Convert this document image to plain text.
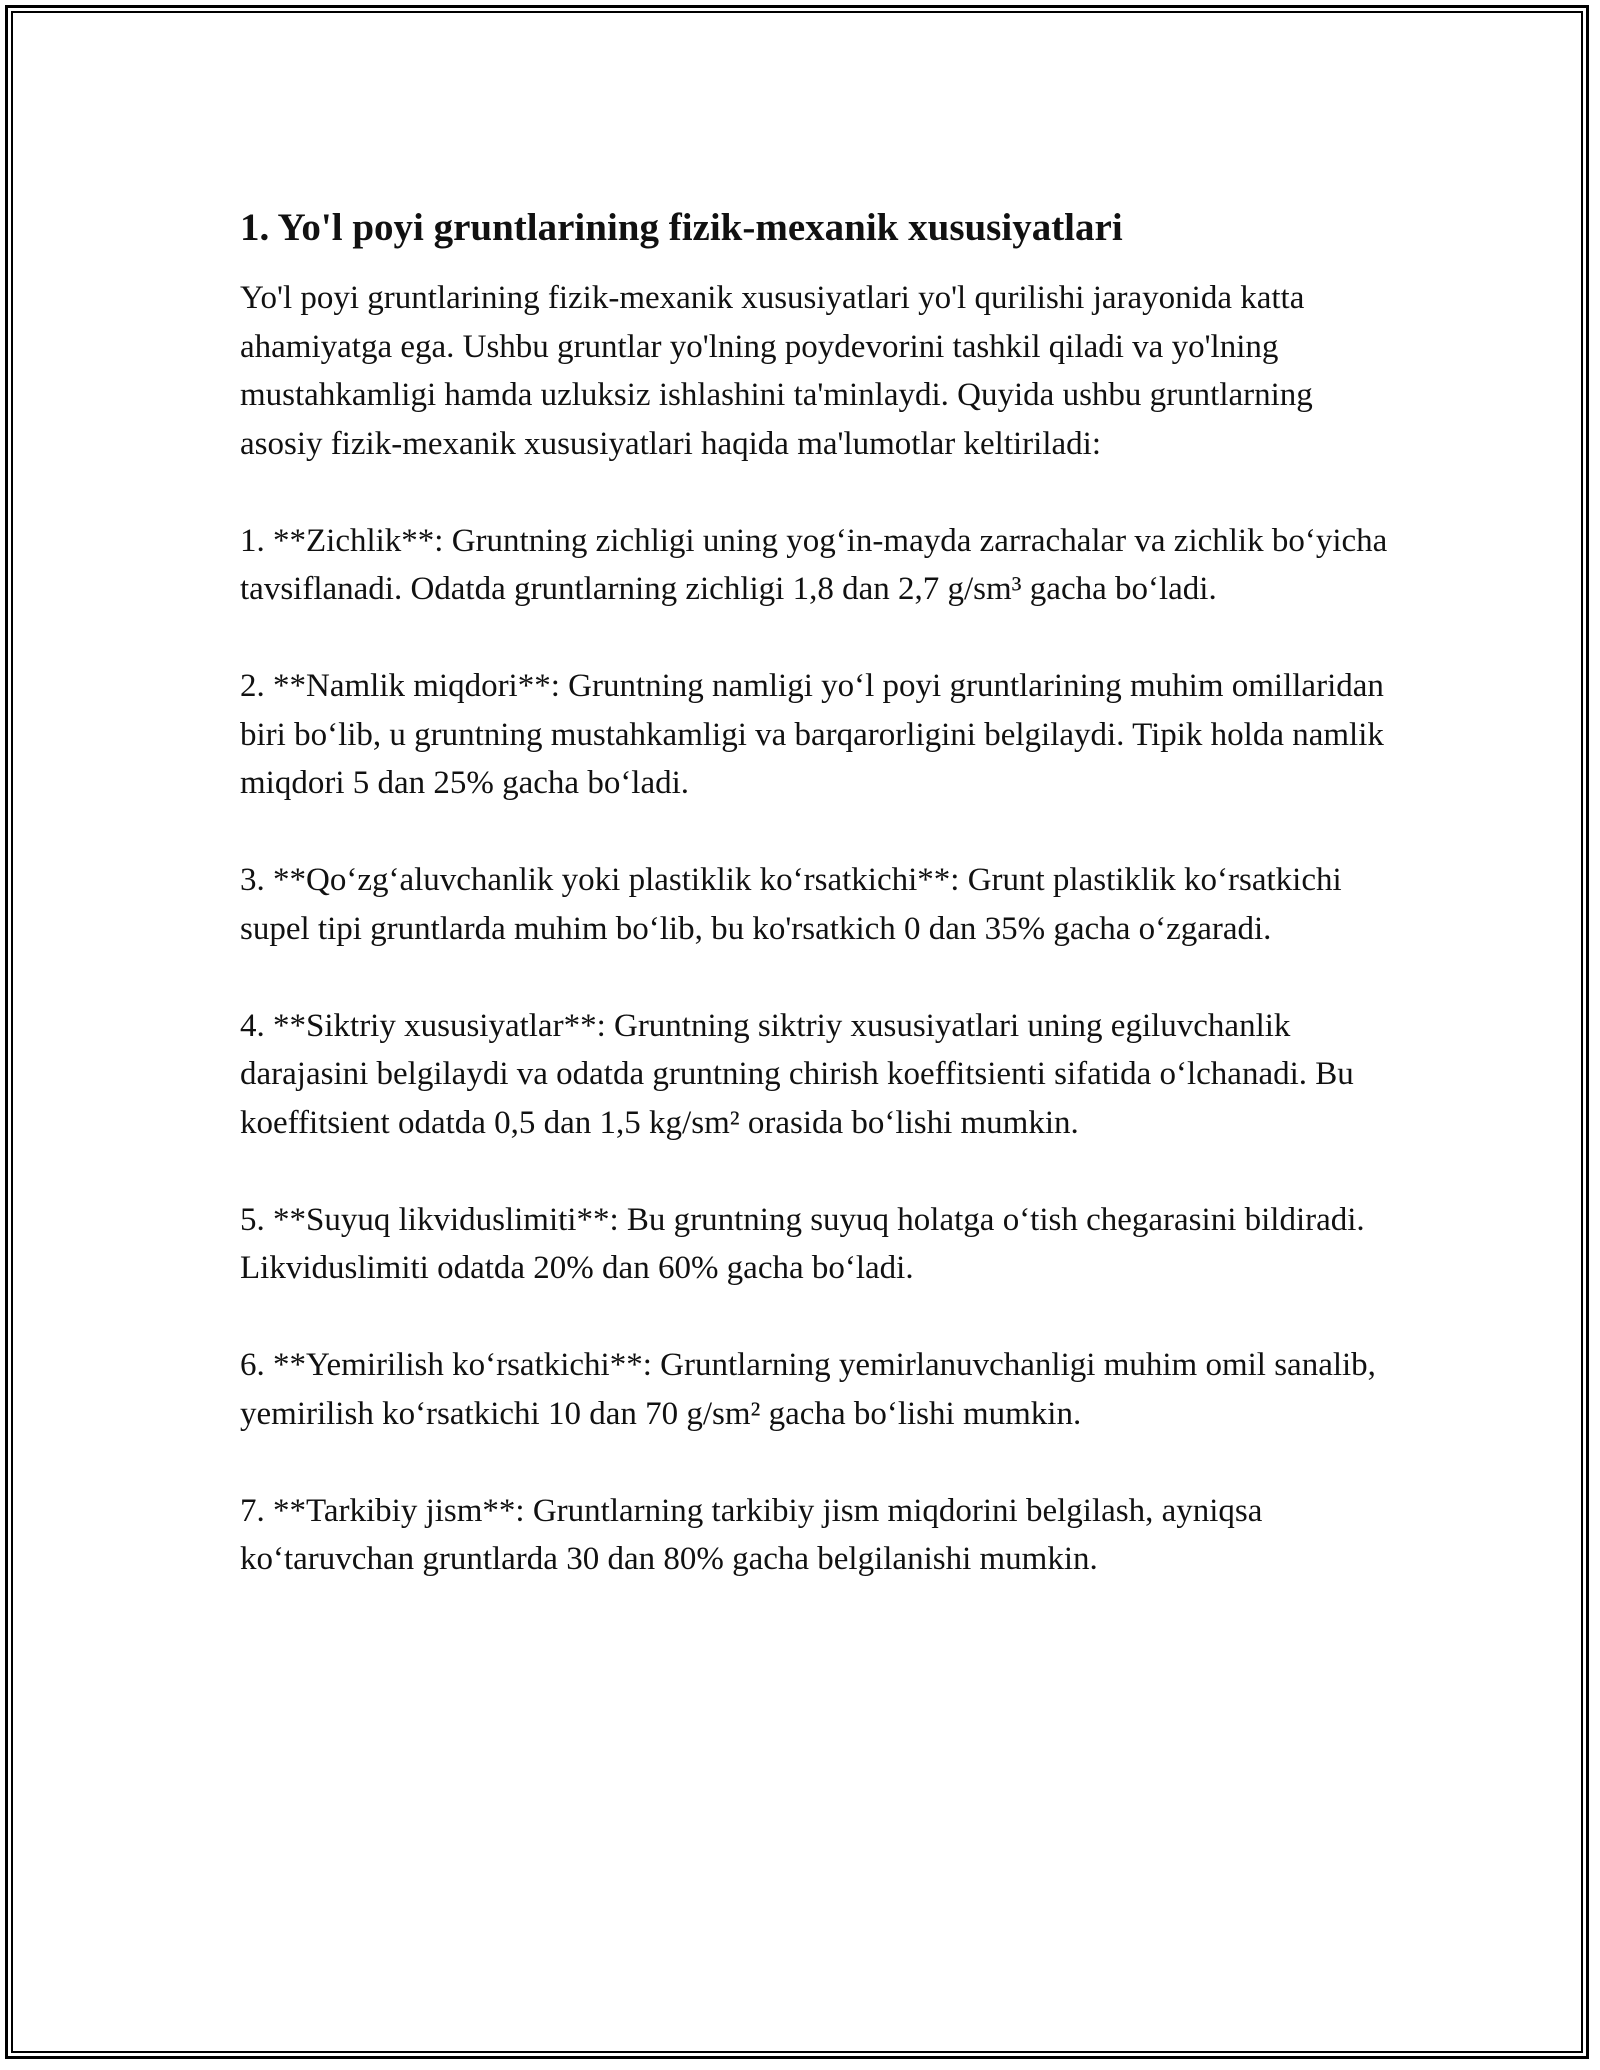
1. Yo'l poyi gruntlarining fizik-mexanik xususiyatlari

Yo'l poyi gruntlarining fizik-mexanik xususiyatlari yo'l qurilishi jarayonida katta ahamiyatga ega. Ushbu gruntlar yo'lning poydevorini tashkil qiladi va yo'lning mustahkamligi hamda uzluksiz ishlashini ta'minlaydi. Quyida ushbu gruntlarning asosiy fizik-mexanik xususiyatlari haqida ma'lumotlar keltiriladi:

1. **Zichlik**: Gruntning zichligi uning yog‘in-mayda zarrachalar va zichlik bo‘yicha tavsiflanadi. Odatda gruntlarning zichligi 1,8 dan 2,7 g/sm³ gacha bo‘ladi.

2. **Namlik miqdori**: Gruntning namligi yo‘l poyi gruntlarining muhim omillaridan biri bo‘lib, u gruntning mustahkamligi va barqarorligini belgilaydi. Tipik holda namlik miqdori 5 dan 25% gacha bo‘ladi.

3. **Qo‘zg‘aluvchanlik yoki plastiklik ko‘rsatkichi**: Grunt plastiklik ko‘rsatkichi supel tipi gruntlarda muhim bo‘lib, bu ko'rsatkich 0 dan 35% gacha o‘zgaradi.

4. **Siktriy xususiyatlar**: Gruntning siktriy xususiyatlari uning egiluvchanlik darajasini belgilaydi va odatda gruntning chirish koeffitsienti sifatida o‘lchanadi. Bu koeffitsient odatda 0,5 dan 1,5 kg/sm² orasida bo‘lishi mumkin.

5. **Suyuq likviduslimiti**: Bu gruntning suyuq holatga o‘tish chegarasini bildiradi. Likviduslimiti odatda 20% dan 60% gacha bo‘ladi.

6. **Yemirilish ko‘rsatkichi**: Gruntlarning yemirlanuvchanligi muhim omil sanalib, yemirilish ko‘rsatkichi 10 dan 70 g/sm² gacha bo‘lishi mumkin.

7. **Tarkibiy jism**: Gruntlarning tarkibiy jism miqdorini belgilash, ayniqsa ko‘taruvchan gruntlarda 30 dan 80% gacha belgilanishi mumkin.
